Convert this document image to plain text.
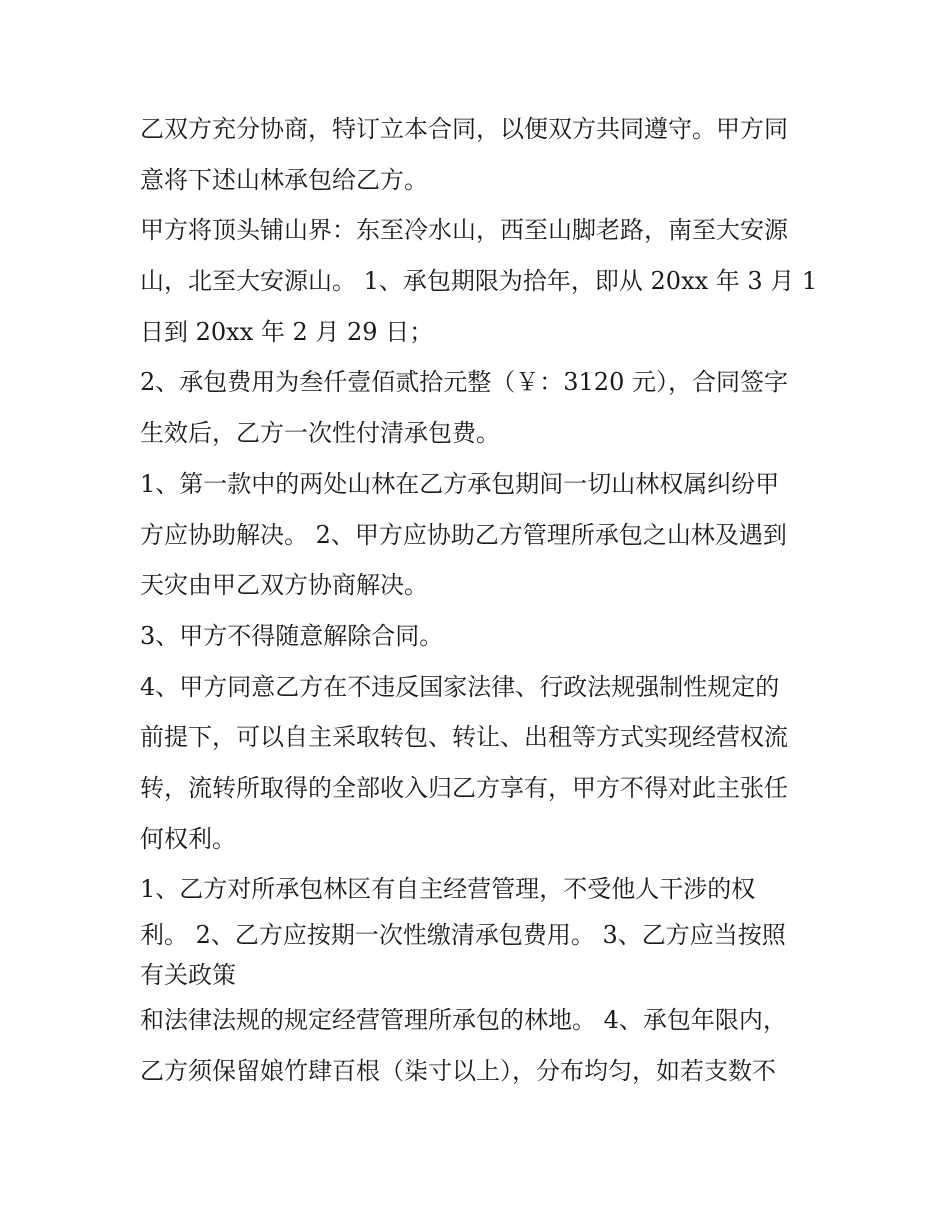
乙双方充分协商，特订立本合同，以便双方共同遵守。甲方同
意将下述山林承包给乙方。
甲方将顶头铺山界：东至冷水山，西至山脚老路，南至大安源
山，北至大安源山。 1、承包期限为拾年，即从 20xx 年 3 月 1
日到 20xx 年 2 月 29 日；
2、承包费用为叁仟壹佰贰拾元整（￥：3120 元），合同签字
生效后，乙方一次性付清承包费。
1、第一款中的两处山林在乙方承包期间一切山林权属纠纷甲
方应协助解决。 2、甲方应协助乙方管理所承包之山林及遇到
天灾由甲乙双方协商解决。
3、甲方不得随意解除合同。
4、甲方同意乙方在不违反国家法律、行政法规强制性规定的
前提下，可以自主采取转包、转让、出租等方式实现经营权流
转，流转所取得的全部收入归乙方享有，甲方不得对此主张任
何权利。
1、乙方对所承包林区有自主经营管理，不受他人干涉的权
利。 2、乙方应按期一次性缴清承包费用。 3、乙方应当按照
有关政策
和法律法规的规定经营管理所承包的林地。 4、承包年限内，
乙方须保留娘竹肆百根（柒寸以上），分布均匀，如若支数不
